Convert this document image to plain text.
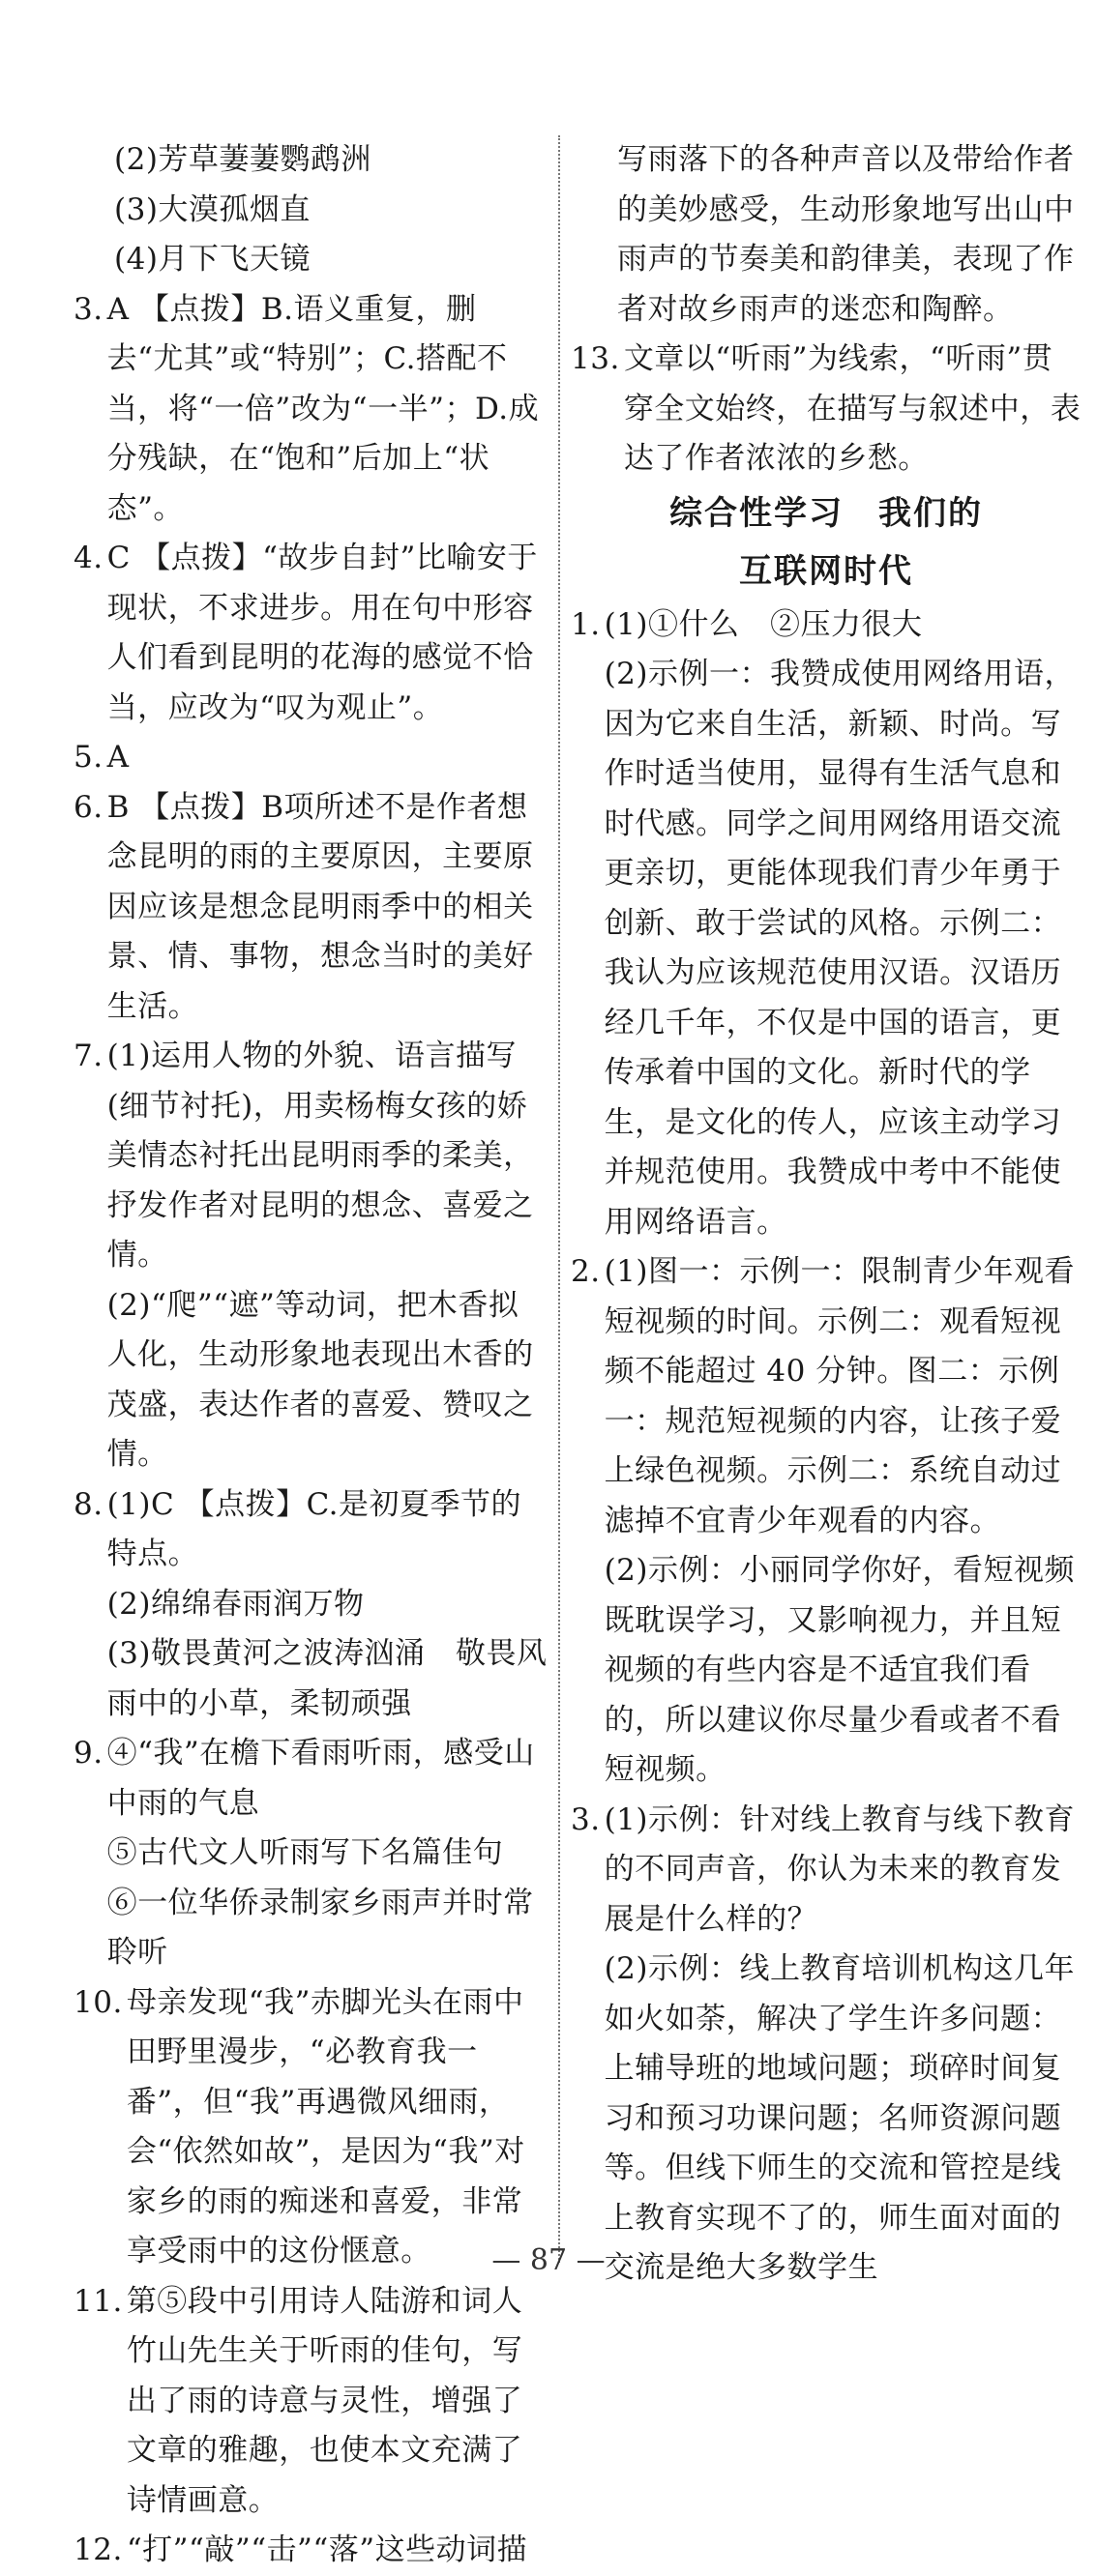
(2)芳草萋萋鹦鹉洲
(3)大漠孤烟直
(4)月下飞天镜
3. A 【点拨】B.语义重复，删去“尤其”或“特别”；C.搭配不当，将“一倍”改为“一半”；D.成分残缺，在“饱和”后加上“状态”。
4. C 【点拨】“故步自封”比喻安于现状，不求进步。用在句中形容人们看到昆明的花海的感觉不恰当，应改为“叹为观止”。
5. A
6. B 【点拨】B项所述不是作者想念昆明的雨的主要原因，主要原因应该是想念昆明雨季中的相关景、情、事物，想念当时的美好生活。
7. (1)运用人物的外貌、语言描写(细节衬托)，用卖杨梅女孩的娇美情态衬托出昆明雨季的柔美，抒发作者对昆明的想念、喜爱之情。
(2)“爬”“遮”等动词，把木香拟人化，生动形象地表现出木香的茂盛，表达作者的喜爱、赞叹之情。
8. (1)C 【点拨】C.是初夏季节的特点。
(2)绵绵春雨润万物
(3)敬畏黄河之波涛汹涌　敬畏风雨中的小草，柔韧顽强
9. ④“我”在檐下看雨听雨，感受山中雨的气息
⑤古代文人听雨写下名篇佳句
⑥一位华侨录制家乡雨声并时常聆听
10. 母亲发现“我”赤脚光头在雨中田野里漫步，“必教育我一番”，但“我”再遇微风细雨，会“依然如故”，是因为“我”对家乡的雨的痴迷和喜爱，非常享受雨中的这份惬意。
11. 第⑤段中引用诗人陆游和词人竹山先生关于听雨的佳句，写出了雨的诗意与灵性，增强了文章的雅趣，也使本文充满了诗情画意。
12. “打”“敲”“击”“落”这些动词描
写雨落下的各种声音以及带给作者的美妙感受，生动形象地写出山中雨声的节奏美和韵律美，表现了作者对故乡雨声的迷恋和陶醉。
13. 文章以“听雨”为线索，“听雨”贯穿全文始终，在描写与叙述中，表达了作者浓浓的乡愁。
综合性学习　我们的
互联网时代
1. (1)①什么　②压力很大
(2)示例一：我赞成使用网络用语，因为它来自生活，新颖、时尚。写作时适当使用，显得有生活气息和时代感。同学之间用网络用语交流更亲切，更能体现我们青少年勇于创新、敢于尝试的风格。示例二：我认为应该规范使用汉语。汉语历经几千年，不仅是中国的语言，更传承着中国的文化。新时代的学生，是文化的传人，应该主动学习并规范使用。我赞成中考中不能使用网络语言。
2. (1)图一：示例一：限制青少年观看短视频的时间。示例二：观看短视频不能超过 40 分钟。图二：示例一：规范短视频的内容，让孩子爱上绿色视频。示例二：系统自动过滤掉不宜青少年观看的内容。
(2)示例：小丽同学你好，看短视频既耽误学习，又影响视力，并且短视频的有些内容是不适宜我们看的，所以建议你尽量少看或者不看短视频。
3. (1)示例：针对线上教育与线下教育的不同声音，你认为未来的教育发展是什么样的？
(2)示例：线上教育培训机构这几年如火如荼，解决了学生许多问题：上辅导班的地域问题；琐碎时间复习和预习功课问题；名师资源问题等。但线下师生的交流和管控是线上教育实现不了的，师生面对面的交流是绝大多数学生
— 87 —
